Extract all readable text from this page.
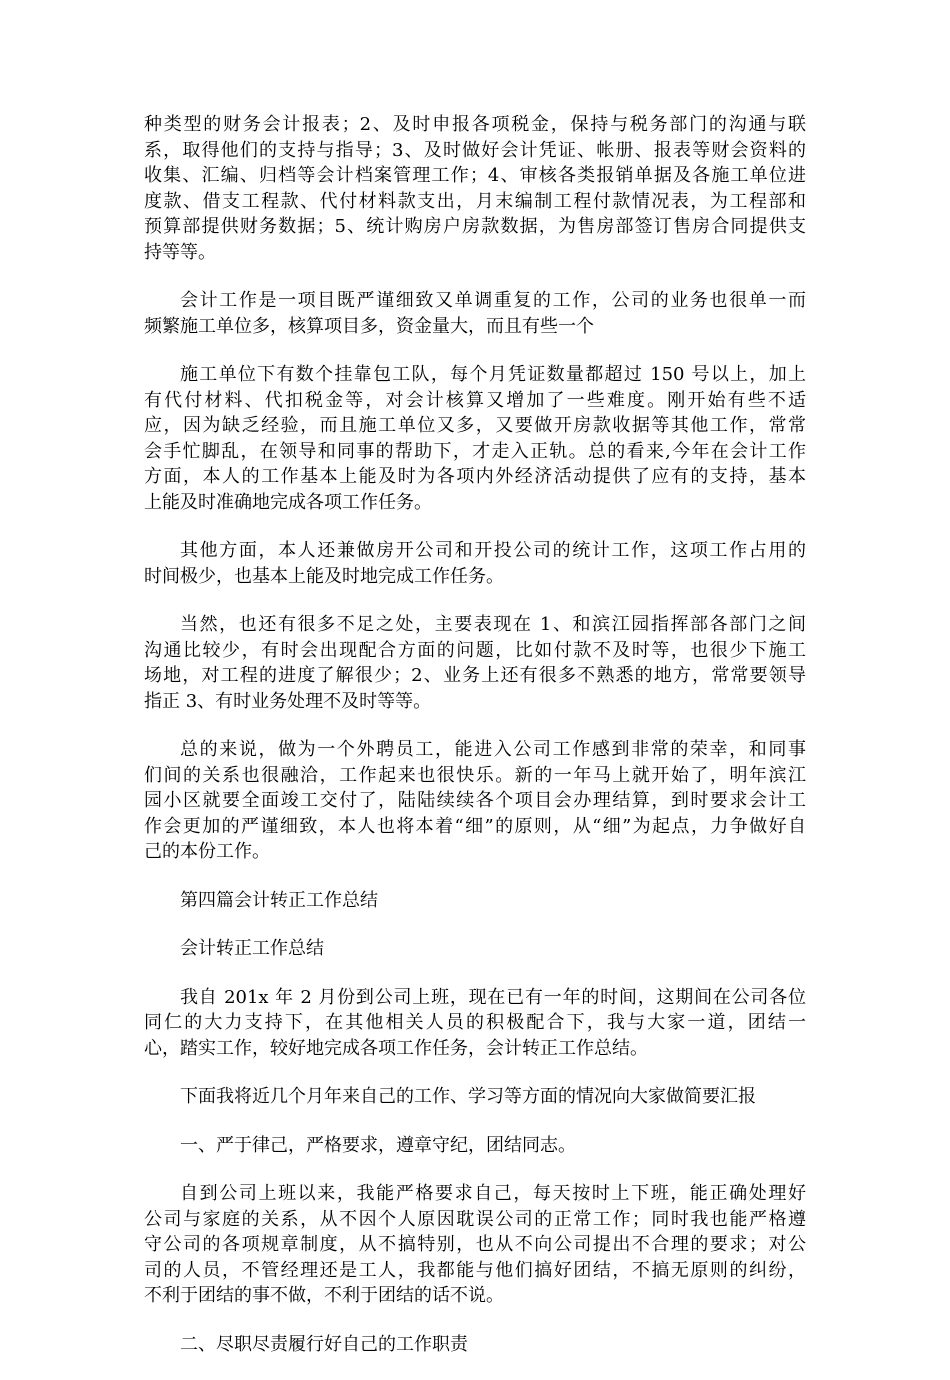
种类型的财务会计报表；2、及时申报各项税金，保持与税务部门的沟通与联
系，取得他们的支持与指导；3、及时做好会计凭证、帐册、报表等财会资料的
收集、汇编、归档等会计档案管理工作；4、审核各类报销单据及各施工单位进
度款、借支工程款、代付材料款支出，月末编制工程付款情况表，为工程部和
预算部提供财务数据；5、统计购房户房款数据，为售房部签订售房合同提供支
持等等。
会计工作是一项目既严谨细致又单调重复的工作，公司的业务也很单一而
频繁施工单位多，核算项目多，资金量大，而且有些一个
施工单位下有数个挂靠包工队，每个月凭证数量都超过 150 号以上，加上
有代付材料、代扣税金等，对会计核算又增加了一些难度。刚开始有些不适
应，因为缺乏经验，而且施工单位又多，又要做开房款收据等其他工作，常常
会手忙脚乱，在领导和同事的帮助下，才走入正轨。总的看来,今年在会计工作
方面，本人的工作基本上能及时为各项内外经济活动提供了应有的支持，基本
上能及时准确地完成各项工作任务。
其他方面，本人还兼做房开公司和开投公司的统计工作，这项工作占用的
时间极少，也基本上能及时地完成工作任务。
当然，也还有很多不足之处，主要表现在 1、和滨江园指挥部各部门之间
沟通比较少，有时会出现配合方面的问题，比如付款不及时等，也很少下施工
场地，对工程的进度了解很少；2、业务上还有很多不熟悉的地方，常常要领导
指正 3、有时业务处理不及时等等。
总的来说，做为一个外聘员工，能进入公司工作感到非常的荣幸，和同事
们间的关系也很融洽，工作起来也很快乐。新的一年马上就开始了，明年滨江
园小区就要全面竣工交付了，陆陆续续各个项目会办理结算，到时要求会计工
作会更加的严谨细致，本人也将本着“细”的原则，从“细”为起点，力争做好自
己的本份工作。
第四篇会计转正工作总结
会计转正工作总结
我自 201x 年 2 月份到公司上班，现在已有一年的时间，这期间在公司各位
同仁的大力支持下，在其他相关人员的积极配合下，我与大家一道，团结一
心，踏实工作，较好地完成各项工作任务，会计转正工作总结。
下面我将近几个月年来自己的工作、学习等方面的情况向大家做简要汇报
一、严于律己，严格要求，遵章守纪，团结同志。
自到公司上班以来，我能严格要求自己，每天按时上下班，能正确处理好
公司与家庭的关系，从不因个人原因耽误公司的正常工作；同时我也能严格遵
守公司的各项规章制度，从不搞特别，也从不向公司提出不合理的要求；对公
司的人员，不管经理还是工人，我都能与他们搞好团结，不搞无原则的纠纷，
不利于团结的事不做，不利于团结的话不说。
二、尽职尽责履行好自己的工作职责
